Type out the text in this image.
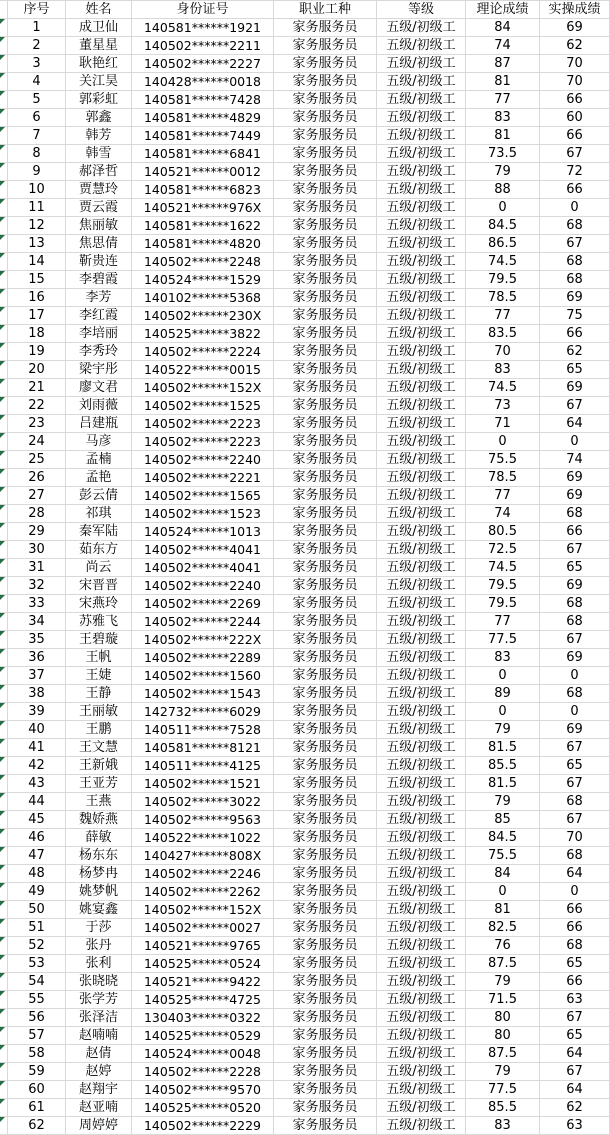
序号	姓名	身份证号	职业工种	等级	理论成绩	实操成绩
1	成卫仙	140581******1921	家务服务员	五级/初级工	84	69
2	董星星	140502******2211	家务服务员	五级/初级工	74	62
3	耿艳红	140502******2227	家务服务员	五级/初级工	87	70
4	关江昊	140428******0018	家务服务员	五级/初级工	81	70
5	郭彩虹	140581******7428	家务服务员	五级/初级工	77	66
6	郭鑫	140581******4829	家务服务员	五级/初级工	83	60
7	韩芳	140581******7449	家务服务员	五级/初级工	81	66
8	韩雪	140581******6841	家务服务员	五级/初级工	73.5	67
9	郝泽哲	140521******0012	家务服务员	五级/初级工	79	72
10	贾慧玲	140581******6823	家务服务员	五级/初级工	88	66
11	贾云霞	140521******976X	家务服务员	五级/初级工	0	0
12	焦丽敏	140581******1622	家务服务员	五级/初级工	84.5	68
13	焦思倩	140581******4820	家务服务员	五级/初级工	86.5	67
14	靳贵连	140502******2248	家务服务员	五级/初级工	74.5	68
15	李碧霞	140524******1529	家务服务员	五级/初级工	79.5	68
16	李芳	140102******5368	家务服务员	五级/初级工	78.5	69
17	李红霞	140502******230X	家务服务员	五级/初级工	77	75
18	李培丽	140525******3822	家务服务员	五级/初级工	83.5	66
19	李秀玲	140502******2224	家务服务员	五级/初级工	70	62
20	梁宇彤	140522******0015	家务服务员	五级/初级工	83	65
21	廖文君	140502******152X	家务服务员	五级/初级工	74.5	69
22	刘雨薇	140502******1525	家务服务员	五级/初级工	73	67
23	吕建瓶	140502******2223	家务服务员	五级/初级工	71	64
24	马彦	140502******2223	家务服务员	五级/初级工	0	0
25	孟楠	140502******2240	家务服务员	五级/初级工	75.5	74
26	孟艳	140502******2221	家务服务员	五级/初级工	78.5	69
27	彭云倩	140502******1565	家务服务员	五级/初级工	77	69
28	祁琪	140502******1523	家务服务员	五级/初级工	74	68
29	秦军陆	140524******1013	家务服务员	五级/初级工	80.5	66
30	茹东方	140502******4041	家务服务员	五级/初级工	72.5	67
31	尚云	140502******4041	家务服务员	五级/初级工	74.5	65
32	宋晋晋	140502******2240	家务服务员	五级/初级工	79.5	69
33	宋燕玲	140502******2269	家务服务员	五级/初级工	79.5	68
34	苏雅飞	140502******2244	家务服务员	五级/初级工	77	68
35	王碧璇	140502******222X	家务服务员	五级/初级工	77.5	67
36	王帆	140502******2289	家务服务员	五级/初级工	83	69
37	王婕	140502******1560	家务服务员	五级/初级工	0	0
38	王静	140502******1543	家务服务员	五级/初级工	89	68
39	王丽敏	142732******6029	家务服务员	五级/初级工	0	0
40	王鹏	140511******7528	家务服务员	五级/初级工	79	69
41	王文慧	140581******8121	家务服务员	五级/初级工	81.5	67
42	王新娥	140511******4125	家务服务员	五级/初级工	85.5	65
43	王亚芳	140502******1521	家务服务员	五级/初级工	81.5	67
44	王燕	140502******3022	家务服务员	五级/初级工	79	68
45	魏娇燕	140502******9563	家务服务员	五级/初级工	85	67
46	薛敏	140522******1022	家务服务员	五级/初级工	84.5	70
47	杨东东	140427******808X	家务服务员	五级/初级工	75.5	68
48	杨梦冉	140502******2246	家务服务员	五级/初级工	84	64
49	姚梦帆	140502******2262	家务服务员	五级/初级工	0	0
50	姚宴鑫	140502******152X	家务服务员	五级/初级工	81	66
51	于莎	140502******0027	家务服务员	五级/初级工	82.5	66
52	张丹	140521******9765	家务服务员	五级/初级工	76	68
53	张利	140525******0524	家务服务员	五级/初级工	87.5	65
54	张晓晓	140521******9422	家务服务员	五级/初级工	79	66
55	张学芳	140525******4725	家务服务员	五级/初级工	71.5	63
56	张泽洁	130403******0322	家务服务员	五级/初级工	80	67
57	赵喃喃	140525******0529	家务服务员	五级/初级工	80	65
58	赵倩	140524******0048	家务服务员	五级/初级工	87.5	64
59	赵婷	140502******2228	家务服务员	五级/初级工	79	67
60	赵翔宇	140502******9570	家务服务员	五级/初级工	77.5	64
61	赵亚喃	140525******0520	家务服务员	五级/初级工	85.5	62
62	周婷婷	140502******2229	家务服务员	五级/初级工	83	63
